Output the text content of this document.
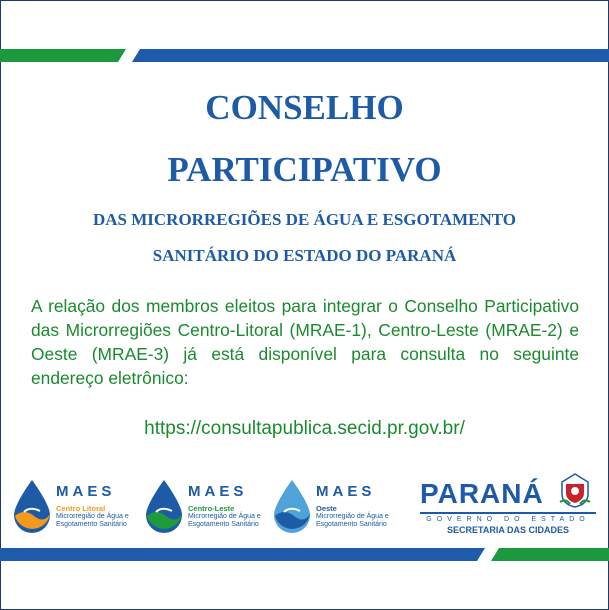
CONSELHO
PARTICIPATIVO
DAS MICRORREGIÕES DE ÁGUA E ESGOTAMENTO
SANITÁRIO DO ESTADO DO PARANÁ
A relação dos membros eleitos para integrar o Conselho Participativo das Microrregiões Centro-Litoral (MRAE-1), Centro-Leste (MRAE-2) e Oeste (MRAE-3) já está disponível para consulta no seguinte endereço eletrônico:
https://consultapublica.secid.pr.gov.br/
MAES
Centro Litoral
Microrregião de Água e Esgotamento Sanitário
MAES
Centro-Leste
Microrregião de Água e Esgotamento Sanitário
MAES
Oeste
Microrregião de Água e Esgotamento Sanitário
PARANÁ
GOVERNO DO ESTADO
SECRETARIA DAS CIDADES
